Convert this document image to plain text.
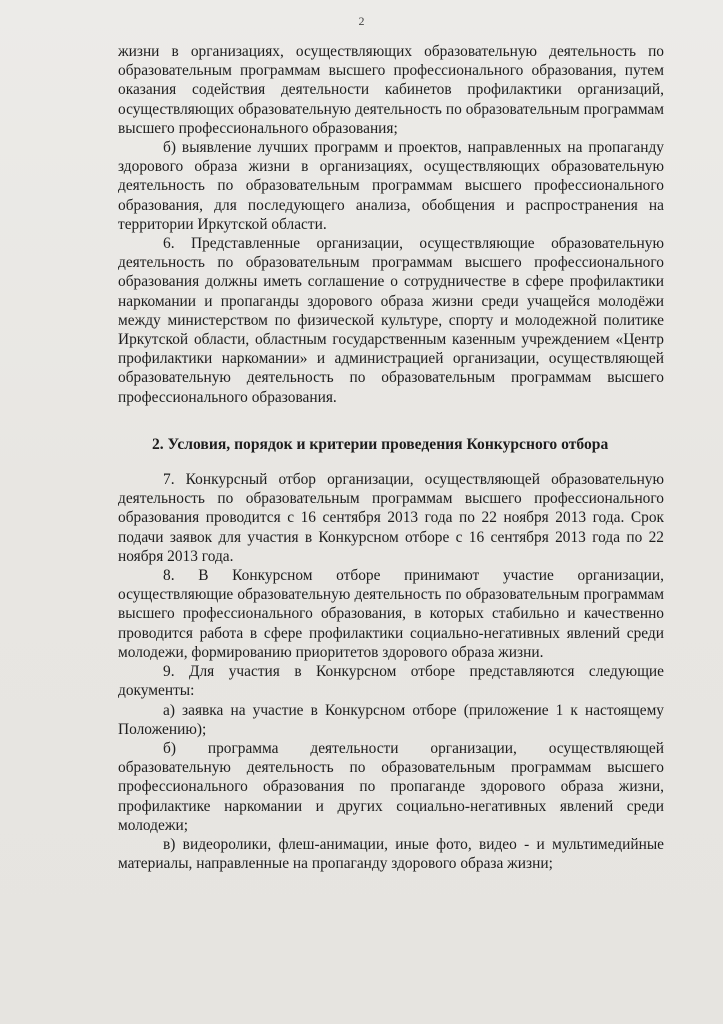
2

жизни в организациях, осуществляющих образовательную деятельность по образовательным программам высшего профессионального образования, путем оказания содействия деятельности кабинетов профилактики организаций, осуществляющих образовательную деятельность по образовательным программам высшего профессионального образования;

б) выявление лучших программ и проектов, направленных на пропаганду здорового образа жизни в организациях, осуществляющих образовательную деятельность по образовательным программам высшего профессионального образования, для последующего анализа, обобщения и распространения на территории Иркутской области.

6. Представленные организации, осуществляющие образовательную деятельность по образовательным программам высшего профессионального образования должны иметь соглашение о сотрудничестве в сфере профилактики наркомании и пропаганды здорового образа жизни среди учащейся молодёжи между министерством по физической культуре, спорту и молодежной политике Иркутской области, областным государственным казенным учреждением «Центр профилактики наркомании» и администрацией организации, осуществляющей образовательную деятельность по образовательным программам высшего профессионального образования.

2. Условия, порядок и критерии проведения Конкурсного отбора

7. Конкурсный отбор организации, осуществляющей образовательную деятельность по образовательным программам высшего профессионального образования проводится с 16 сентября 2013 года по 22 ноября 2013 года. Срок подачи заявок для участия в Конкурсном отборе с 16 сентября 2013 года по 22 ноября 2013 года.

8. В Конкурсном отборе принимают участие организации, осуществляющие образовательную деятельность по образовательным программам высшего профессионального образования, в которых стабильно и качественно проводится работа в сфере профилактики социально-негативных явлений среди молодежи, формированию приоритетов здорового образа жизни.

9. Для участия в Конкурсном отборе представляются следующие документы:

а) заявка на участие в Конкурсном отборе (приложение 1 к настоящему Положению);

б) программа деятельности организации, осуществляющей образовательную деятельность по образовательным программам высшего профессионального образования по пропаганде здорового образа жизни, профилактике наркомании и других социально-негативных явлений среди молодежи;

в) видеоролики, флеш-анимации, иные фото, видео - и мультимедийные материалы, направленные на пропаганду здорового образа жизни;
